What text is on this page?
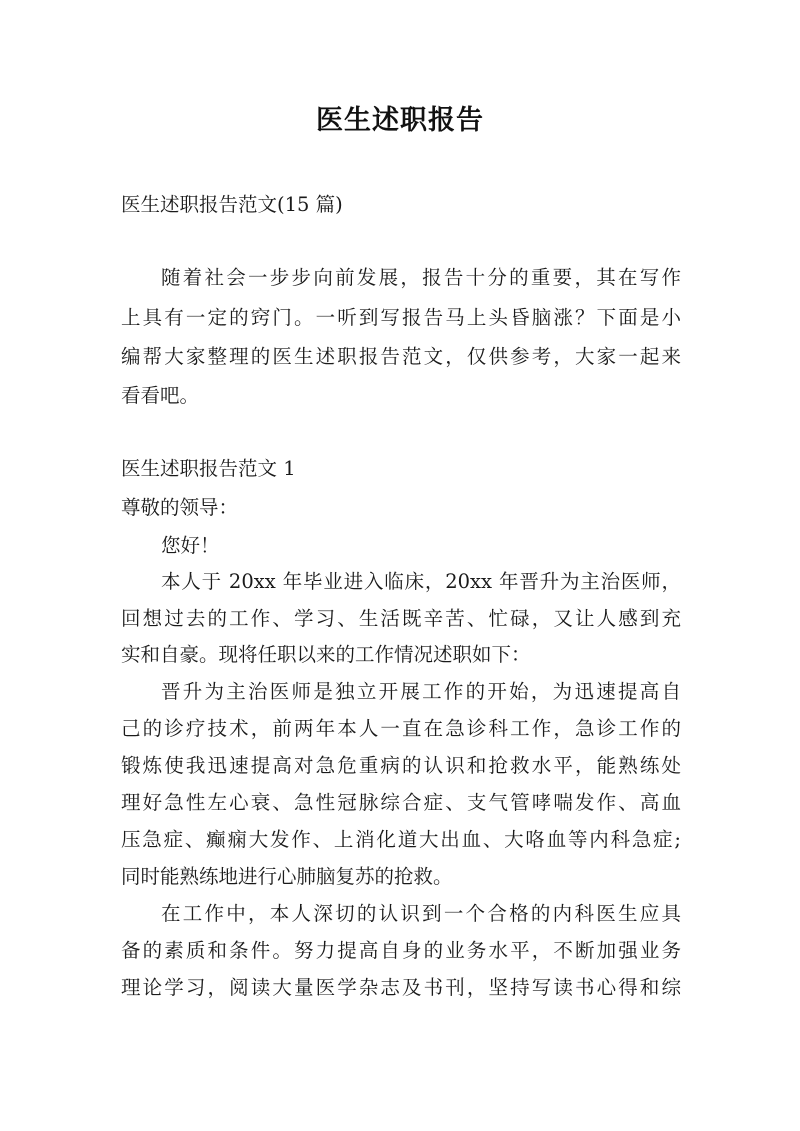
医生述职报告

医生述职报告范文(15 篇)

随着社会一步步向前发展，报告十分的重要，其在写作

上具有一定的窍门。一听到写报告马上头昏脑涨？下面是小

编帮大家整理的医生述职报告范文，仅供参考，大家一起来

看看吧。

医生述职报告范文 1

尊敬的领导：

您好！

本人于 20xx 年毕业进入临床，20xx 年晋升为主治医师，

回想过去的工作、学习、生活既辛苦、忙碌，又让人感到充

实和自豪。现将任职以来的工作情况述职如下：

晋升为主治医师是独立开展工作的开始，为迅速提高自

己的诊疗技术，前两年本人一直在急诊科工作，急诊工作的

锻炼使我迅速提高对急危重病的认识和抢救水平，能熟练处

理好急性左心衰、急性冠脉综合症、支气管哮喘发作、高血

压急症、癫痫大发作、上消化道大出血、大咯血等内科急症;

同时能熟练地进行心肺脑复苏的抢救。

在工作中，本人深切的认识到一个合格的内科医生应具

备的素质和条件。努力提高自身的业务水平，不断加强业务

理论学习，阅读大量医学杂志及书刊，坚持写读书心得和综
